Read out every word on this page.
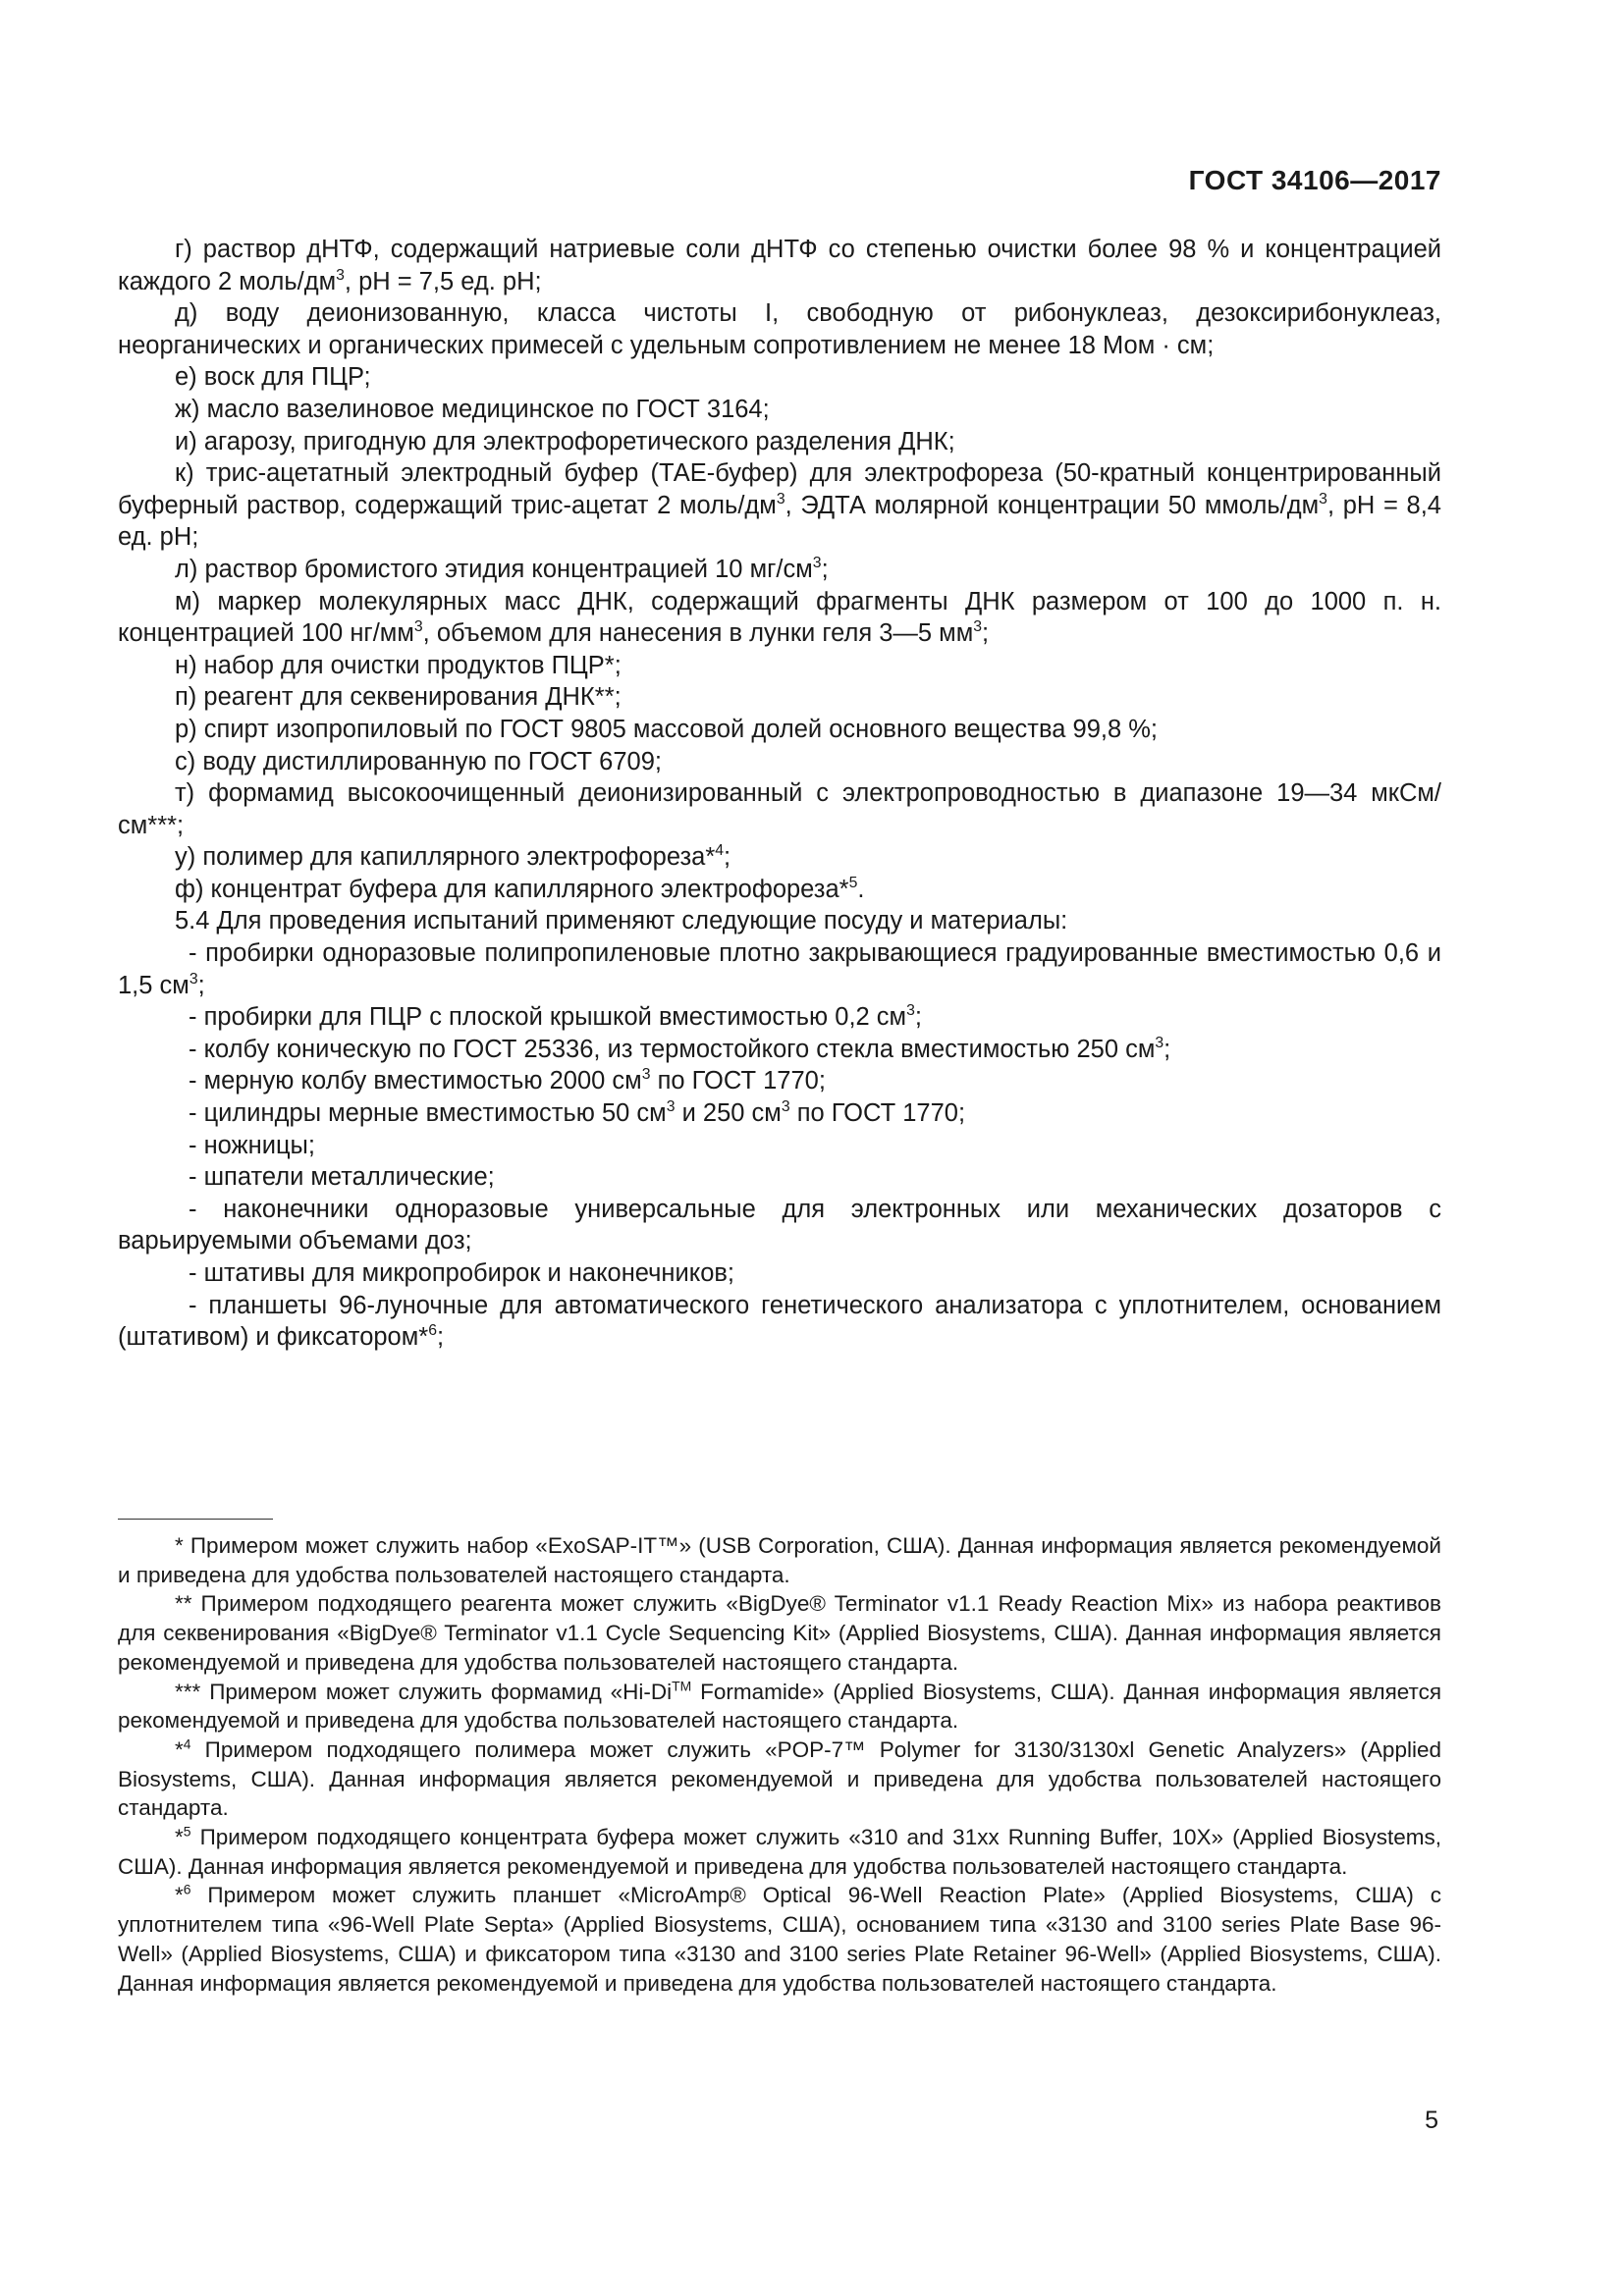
ГОСТ 34106—2017

г) раствор дНТФ, содержащий натриевые соли дНТФ со степенью очистки более 98 % и концентрацией каждого 2 моль/$дм^3$, рН = 7,5 ед. рН;

д) воду деионизованную, класса чистоты I, свободную от рибонуклеаз, дезоксирибонуклеаз, неорганических и органических примесей с удельным сопротивлением не менее 18 Мом · см;

е) воск для ПЦР;

ж) масло вазелиновое медицинское по ГОСТ 3164;

и) агарозу, пригодную для электрофоретического разделения ДНК;

к) трис-ацетатный электродный буфер (ТАЕ-буфер) для электрофореза (50-кратный концентрированный буферный раствор, содержащий трис-ацетат 2 моль/$дм^3$, ЭДТА молярной концентрации 50 ммоль/$дм^3$, рН = 8,4 ед. рН;

л) раствор бромистого этидия концентрацией 10 $мг/см^3$;

м) маркер молекулярных масс ДНК, содержащий фрагменты ДНК размером от 100 до 1000 п. н. концентрацией 100 $нг/мм^3$, объемом для нанесения в лунки геля 3—5 $мм^3$;

н) набор для очистки продуктов ПЦР*;

п) реагент для секвенирования ДНК**;

р) спирт изопропиловый по ГОСТ 9805 массовой долей основного вещества 99,8 %;

с) воду дистиллированную по ГОСТ 6709;

т) формамид высокоочищенный деионизированный с электропроводностью в диапазоне 19—34 мкСм/см***;

у) полимер для капиллярного электрофореза*$^4$;

ф) концентрат буфера для капиллярного электрофореза*$^5$.

5.4 Для проведения испытаний применяют следующие посуду и материалы:

- пробирки одноразовые полипропиленовые плотно закрывающиеся градуированные вместимостью 0,6 и 1,5 $см^3$;

- пробирки для ПЦР с плоской крышкой вместимостью 0,2 $см^3$;

- колбу коническую по ГОСТ 25336, из термостойкого стекла вместимостью 250 $см^3$;

- мерную колбу вместимостью 2000 $см^3$ по ГОСТ 1770;

- цилиндры мерные вместимостью 50 $см^3$ и 250 $см^3$ по ГОСТ 1770;

- ножницы;

- шпатели металлические;

- наконечники одноразовые универсальные для электронных или механических дозаторов с варьируемыми объемами доз;

- штативы для микропробирок и наконечников;

- планшеты 96-луночные для автоматического генетического анализатора с уплотнителем, основанием (штативом) и фиксатором*$^6$;

* Примером может служить набор «ExoSAP-IT™» (USB Corporation, США). Данная информация является рекомендуемой и приведена для удобства пользователей настоящего стандарта.

** Примером подходящего реагента может служить «BigDye® Terminator v1.1 Ready Reaction Mix» из набора реактивов для секвенирования «BigDye® Terminator v1.1 Cycle Sequencing Kit» (Applied Biosystems, США). Данная информация является рекомендуемой и приведена для удобства пользователей настоящего стандарта.

*** Примером может служить формамид «Hi-Di™ Formamide» (Applied Biosystems, США). Данная информация является рекомендуемой и приведена для удобства пользователей настоящего стандарта.

*$^4$ Примером подходящего полимера может служить «POP-7™ Polymer for 3130/3130xl Genetic Analyzers» (Applied Biosystems, США). Данная информация является рекомендуемой и приведена для удобства пользователей настоящего стандарта.

*$^5$ Примером подходящего концентрата буфера может служить «310 and 31xx Running Buffer, 10X» (Applied Biosystems, США). Данная информация является рекомендуемой и приведена для удобства пользователей настоящего стандарта.

*$^6$ Примером может служить планшет «MicroAmp® Optical 96-Well Reaction Plate» (Applied Biosystems, США) с уплотнителем типа «96-Well Plate Septa» (Applied Biosystems, США), основанием типа «3130 and 3100 series Plate Base 96-Well» (Applied Biosystems, США) и фиксатором типа «3130 and 3100 series Plate Retainer 96-Well» (Applied Biosystems, США). Данная информация является рекомендуемой и приведена для удобства пользователей настоящего стандарта.

5
